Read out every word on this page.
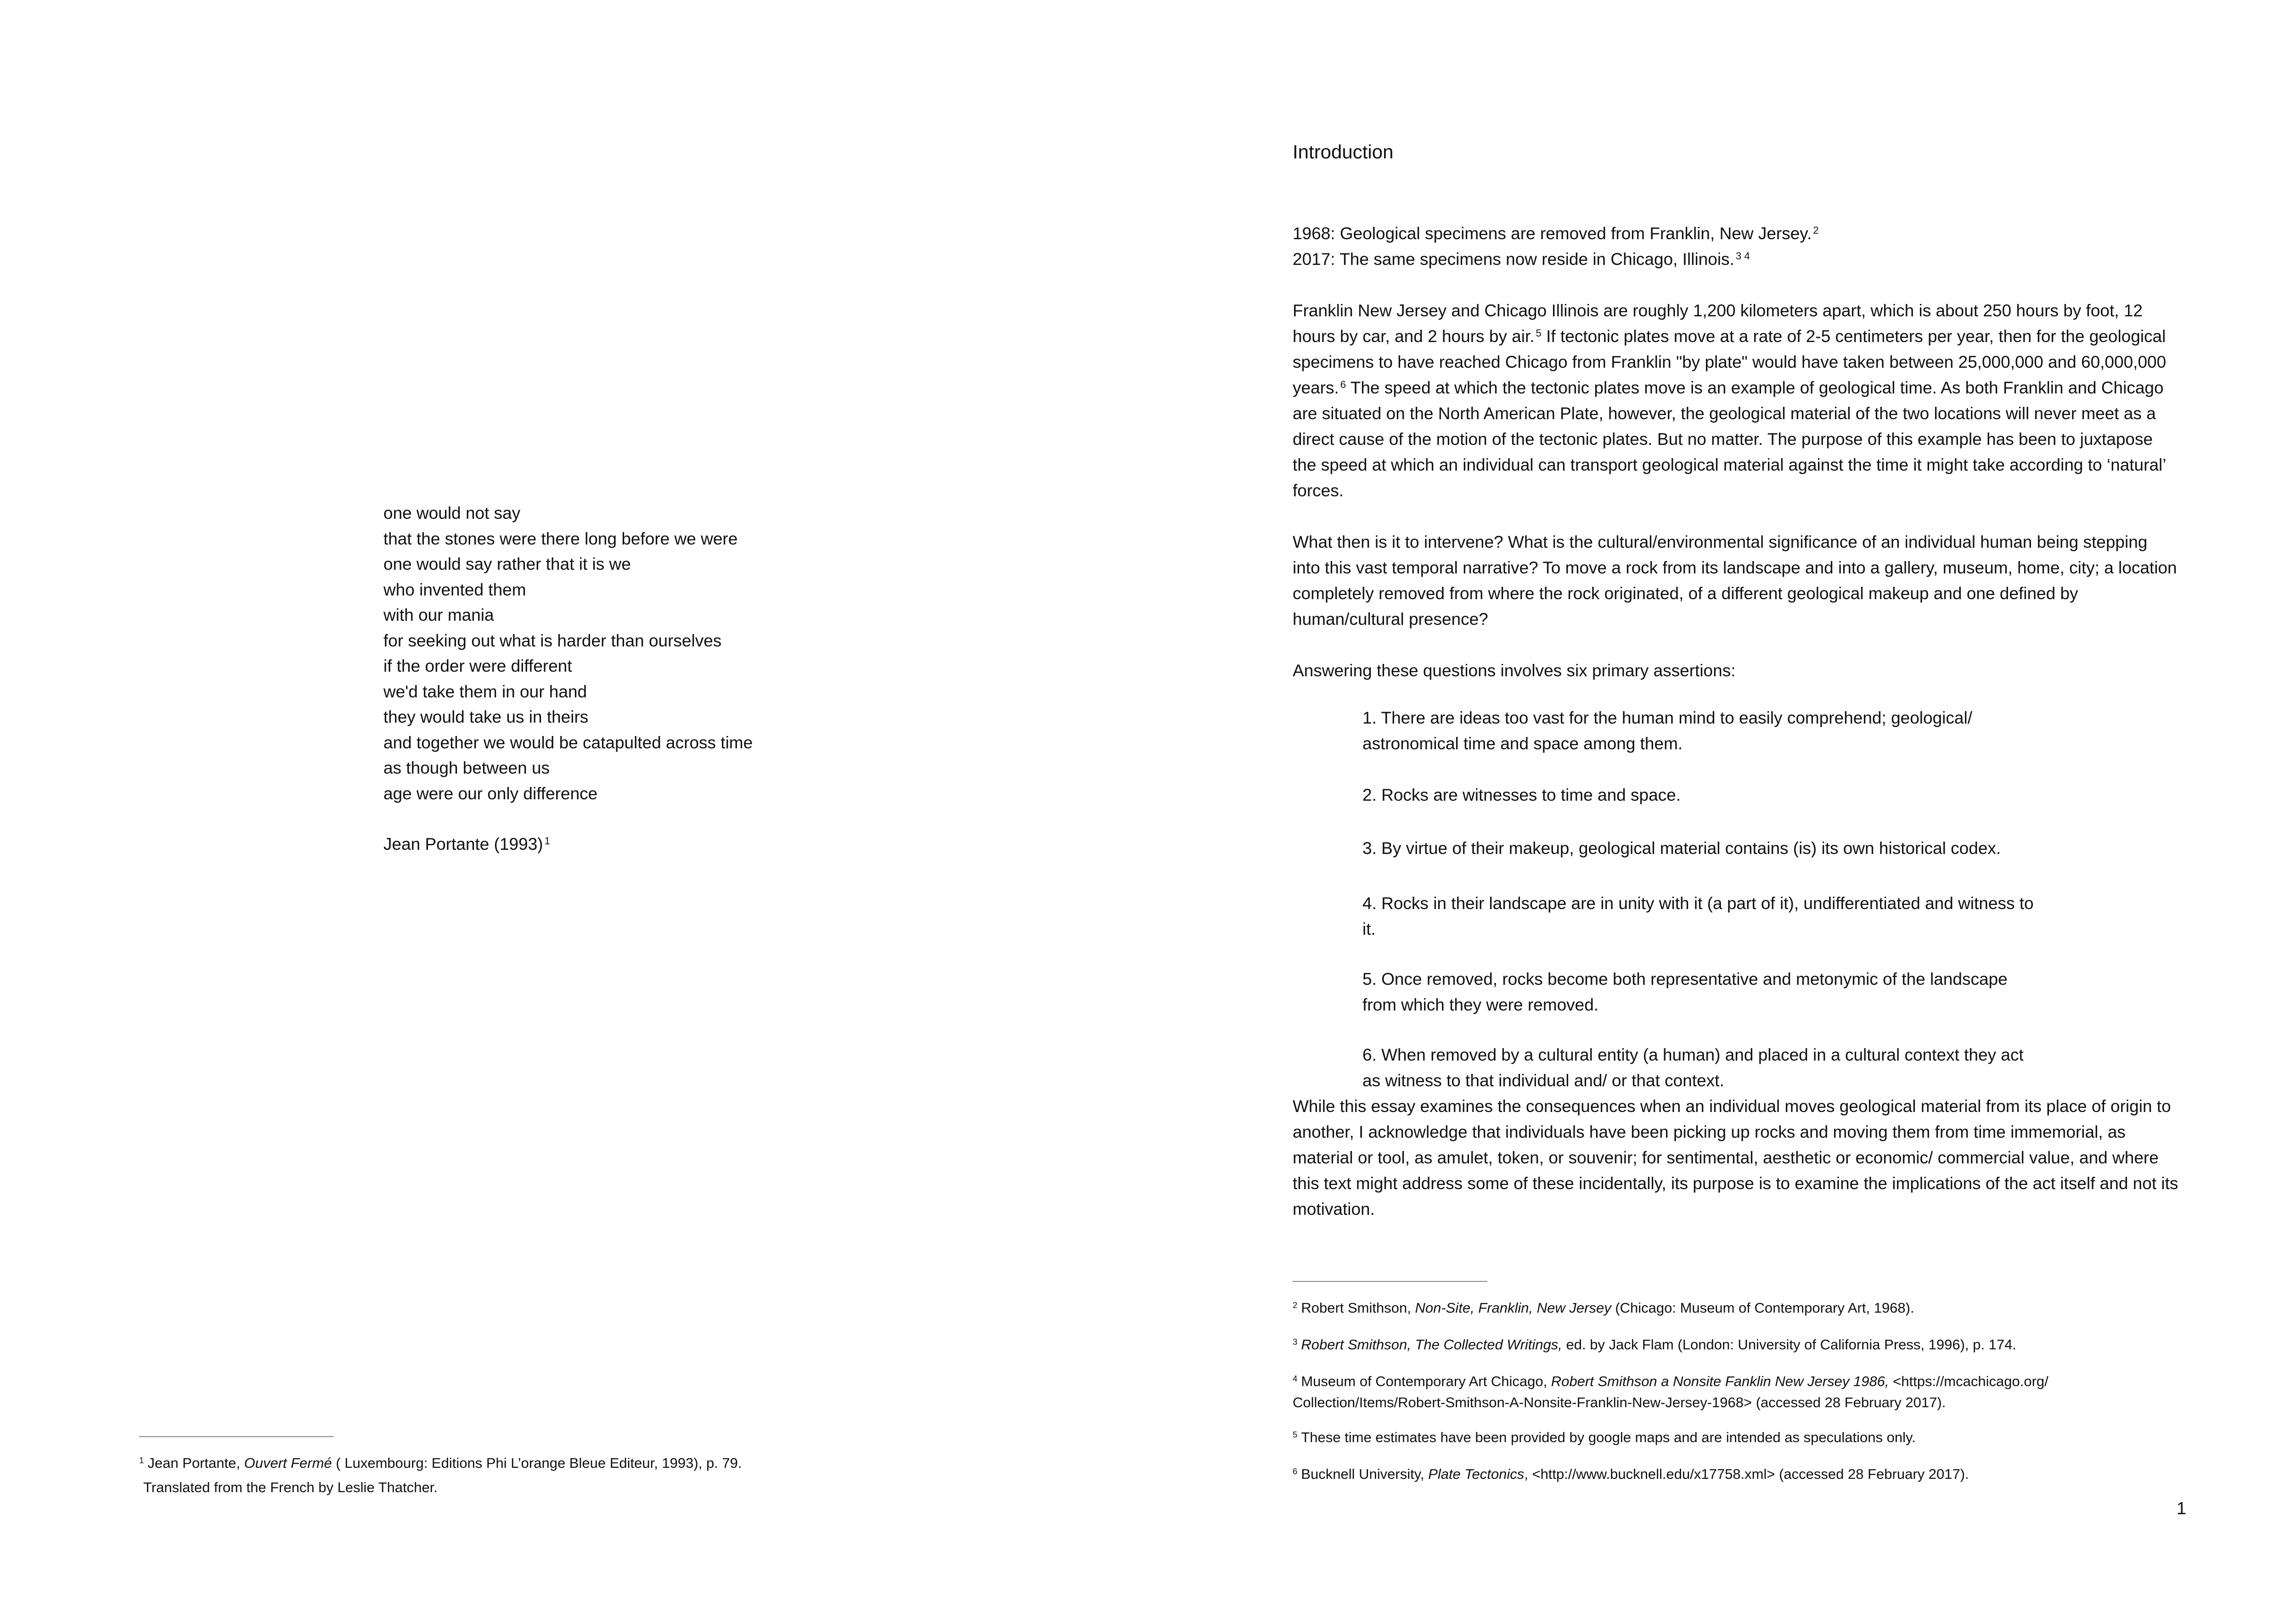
one would not say
that the stones were there long before we were
one would say rather that it is we
who invented them
with our mania
for seeking out what is harder than ourselves
if the order were different
we'd take them in our hand
they would take us in theirs
and together we would be catapulted across time
as though between us
age were our only difference
Jean Portante (1993) $^1$
$^1$ Jean Portante, Ouvert Fermé ( Luxembourg: Editions Phi L’orange Bleue Editeur, 1993), p. 79.
Translated from the French by Leslie Thatcher.
Introduction

1968: Geological specimens are removed from Franklin, New Jersey. $^2$

2017: The same specimens now reside in Chicago, Illinois. $^{3 4}$

Franklin New Jersey and Chicago Illinois are roughly 1,200 kilometers apart, which is about 250 hours by foot, 12 hours by car, and 2 hours by air. $^5$ If tectonic plates move at a rate of 2-5 centimeters per year, then for the geological specimens to have reached Chicago from Franklin "by plate" would have taken between 25,000,000 and 60,000,000 years. $^6$ The speed at which the tectonic plates move is an example of geological time. As both Franklin and Chicago are situated on the North American Plate, however, the geological material of the two locations will never meet as a direct cause of the motion of the tectonic plates. But no matter. The purpose of this example has been to juxtapose the speed at which an individual can transport geological material against the time it might take according to ‘natural’ forces.

What then is it to intervene? What is the cultural/environmental significance of an individual human being stepping into this vast temporal narrative? To move a rock from its landscape and into a gallery, museum, home, city; a location completely removed from where the rock originated, of a different geological makeup and one defined by human/cultural presence?

Answering these questions involves six primary assertions:

1. There are ideas too vast for the human mind to easily comprehend; geological/ astronomical time and space among them.
2. Rocks are witnesses to time and space.
3. By virtue of their makeup, geological material contains (is) its own historical codex.
4. Rocks in their landscape are in unity with it (a part of it), undifferentiated and witness to it.
5. Once removed, rocks become both representative and metonymic of the landscape from which they were removed.
6. When removed by a cultural entity (a human) and placed in a cultural context they act as witness to that individual and/ or that context.

While this essay examines the consequences when an individual moves geological material from its place of origin to another, I acknowledge that individuals have been picking up rocks and moving them from time immemorial, as material or tool, as amulet, token, or souvenir; for sentimental, aesthetic or economic/ commercial value, and where this text might address some of these incidentally, its purpose is to examine the implications of the act itself and not its motivation.

$^2$ Robert Smithson, Non-Site, Franklin, New Jersey (Chicago: Museum of Contemporary Art, 1968).
$^3$ Robert Smithson, The Collected Writings, ed. by Jack Flam (London: University of California Press, 1996), p. 174.
$^4$ Museum of Contemporary Art Chicago, Robert Smithson a Nonsite Fanklin New Jersey 1986, <https://mcachicago.org/ Collection/Items/Robert-Smithson-A-Nonsite-Franklin-New-Jersey-1968> (accessed 28 February 2017).
$^5$ These time estimates have been provided by google maps and are intended as speculations only.
$^6$ Bucknell University, Plate Tectonics, <http://www.bucknell.edu/x17758.xml> (accessed 28 February 2017).
1
